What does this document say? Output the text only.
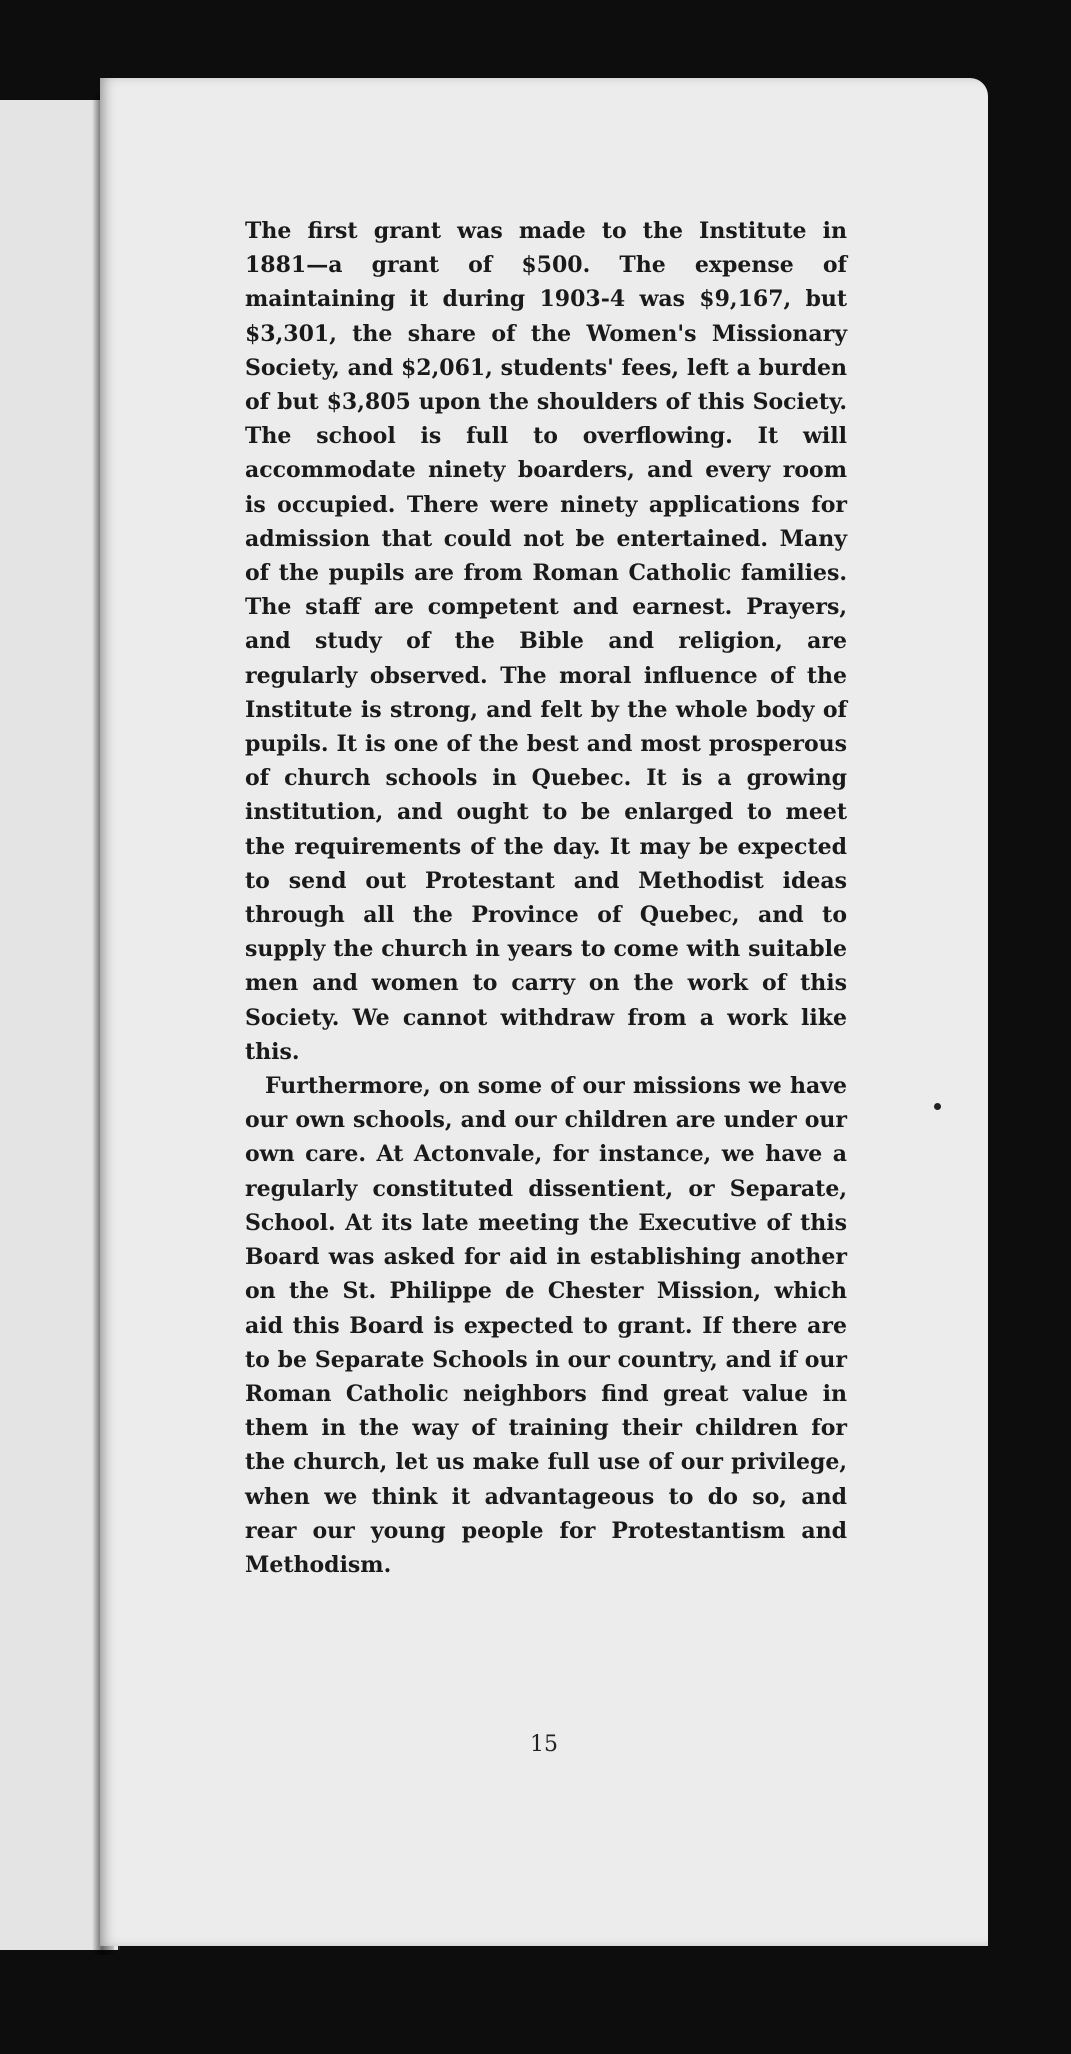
The first grant was made to the Institute in 1881—a grant of $500. The expense of maintaining it during 1903-4 was $9,167, but $3,301, the share of the Women's Missionary Society, and $2,061, students' fees, left a burden of but $3,805 upon the shoulders of this Society. The school is full to overflowing. It will accommodate ninety boarders, and every room is occupied. There were ninety applications for admission that could not be entertained. Many of the pupils are from Roman Catholic families. The staff are competent and earnest. Prayers, and study of the Bible and religion, are regularly observed. The moral influence of the Institute is strong, and felt by the whole body of pupils. It is one of the best and most prosperous of church schools in Quebec. It is a growing institution, and ought to be enlarged to meet the requirements of the day. It may be expected to send out Protestant and Methodist ideas through all the Province of Quebec, and to supply the church in years to come with suitable men and women to carry on the work of this Society. We cannot withdraw from a work like this.

Furthermore, on some of our missions we have our own schools, and our children are under our own care. At Actonvale, for instance, we have a regularly constituted dissentient, or Separate, School. At its late meeting the Executive of this Board was asked for aid in establishing another on the St. Philippe de Chester Mission, which aid this Board is expected to grant. If there are to be Separate Schools in our country, and if our Roman Catholic neighbors find great value in them in the way of training their children for the church, let us make full use of our privilege, when we think it advantageous to do so, and rear our young people for Protestantism and Methodism.

15
